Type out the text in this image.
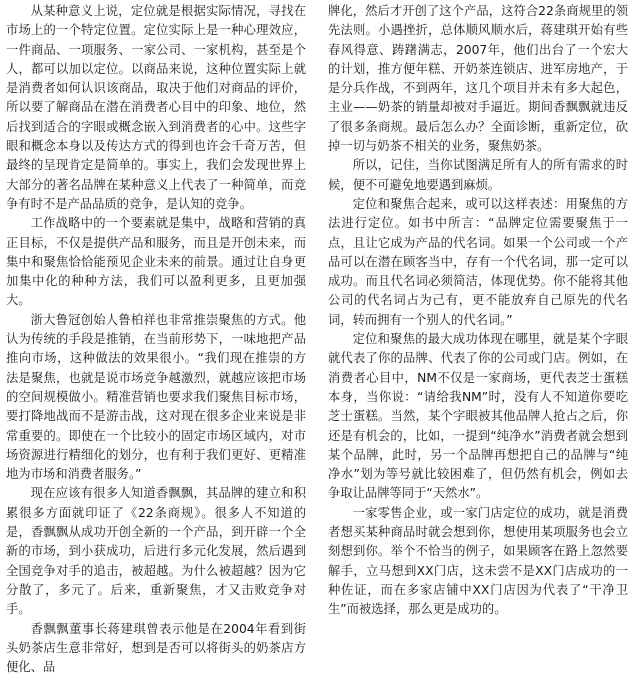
从某种意义上说，定位就是根据实际情况，寻找在市场上的一个特定位置。定位实际上是一种心理效应，一件商品、一项服务、一家公司、一家机构，甚至是个人，都可以加以定位。以商品来说，这种位置实际上就是消费者如何认识该商品，取决于他们对商品的评价，所以要了解商品在潜在消费者心目中的印象、地位，然后找到适合的字眼或概念嵌入到消费者的心中。这些字眼和概念本身以及传达方式的得到也许会千奇万苦，但最终的呈现肯定是简单的。事实上，我们会发现世界上大部分的著名品牌在某种意义上代表了一种简单，而竞争有时不是产品品质的竞争，是认知的竞争。

工作战略中的一个要素就是集中，战略和营销的真正目标，不仅是提供产品和服务，而且是开创未来，而集中和聚焦恰恰能预见企业未来的前景。通过让自身更加集中化的种种方法，我们可以盈利更多，且更加强大。

浙大鲁冠创始人鲁柏祥也非常推崇聚焦的方式。他认为传统的手段是推销，在当前形势下，一味地把产品推向市场，这种做法的效果很小。“我们现在推崇的方法是聚焦，也就是说市场竞争越激烈，就越应该把市场的空间规模做小。精准营销也要求我们聚焦目标市场，要打降地战而不是游击战，这对现在很多企业来说是非常重要的。即使在一个比较小的固定市场区域内，对市场资源进行精细化的划分，也有利于我们更好、更精准地为市场和消费者服务。”

现在应该有很多人知道香飘飘，其品牌的建立和积累很多方面就印证了《22条商规》。很多人不知道的是，香飘飘从成功开创全新的一个产品，到开辟一个全新的市场，到小获成功，后进行多元化发展，然后遇到全国竞争对手的追击，被超越。为什么被超越？因为它分散了，多元了。后来，重新聚焦，才又击败竞争对手。

香飘飘董事长蒋建琪曾表示他是在2004年看到街头奶茶店生意非常好，想到是否可以将街头的奶茶店方便化、品

牌化，然后才开创了这个产品，这符合22条商规里的领先法则。小遇挫折，总体顺风顺水后，蒋建琪开始有些春风得意、踌躇满志，2007年，他们出台了一个宏大的计划，推方便年糕、开奶茶连锁店、进军房地产，于是分兵作战，不到两年，这几个项目并未有多大起色，主业——奶茶的销量却被对手逼近。期间香飘飘就违反了很多条商规。最后怎么办？全面诊断，重新定位，砍掉一切与奶茶不相关的业务，聚焦奶茶。

所以，记住，当你试图满足所有人的所有需求的时候，便不可避免地要遇到麻烦。

定位和聚焦合起来，或可以这样表述：用聚焦的方法进行定位。如书中所言：“品牌定位需要聚焦于一点，且让它成为产品的代名词。如果一个公司或一个产品可以在潜在顾客当中，存有一个代名词，那一定可以成功。而且代名词必须简洁，体现优势。你不能将其他公司的代名词占为己有，更不能放弃自己原先的代名词，转而拥有一个别人的代名词。”

定位和聚焦的最大成功体现在哪里，就是某个字眼就代表了你的品牌、代表了你的公司或门店。例如，在消费者心目中，NM不仅是一家商场，更代表芝士蛋糕本身，当你说：“请给我NM”时，没有人不知道你要吃芝士蛋糕。当然，某个字眼被其他品牌人抢占之后，你还是有机会的，比如，一提到“纯净水”消费者就会想到某个品牌，此时，另一个品牌再想把自己的品牌与“纯净水”划为等号就比较困难了，但仍然有机会，例如去争取让品牌等同于“天然水”。

一家零售企业，或一家门店定位的成功，就是消费者想买某种商品时就会想到你，想使用某项服务也会立刻想到你。举个不恰当的例子，如果顾客在路上忽然要解手，立马想到XX门店，这未尝不是XX门店成功的一种佐证，而在多家店铺中XX门店因为代表了“干净卫生”而被选择，那么更是成功的。
